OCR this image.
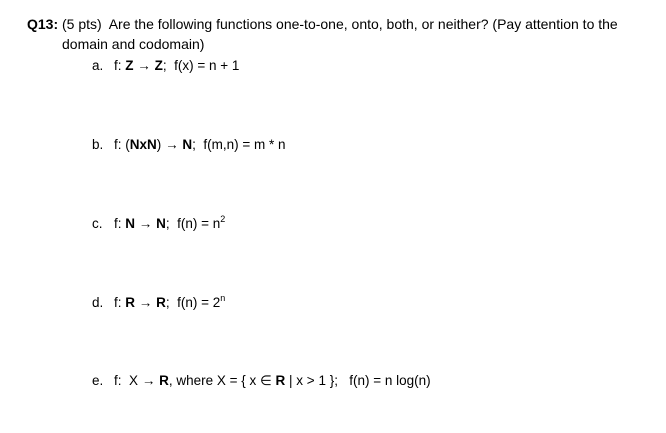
Q13: (5 pts) Are the following functions one-to-one, onto, both, or neither? (Pay attention to the
domain and codomain)
a. f: Z → Z; f(x) = n + 1
b. f: (NxN) → N; f(m,n) = m * n
c. f: N → N; $f(n) = n^2$
d. f: R → R; $f(n) = 2^n$
e. f: X → R, where X = { x ∈ R | x > 1 }; f(n) = n log(n)
